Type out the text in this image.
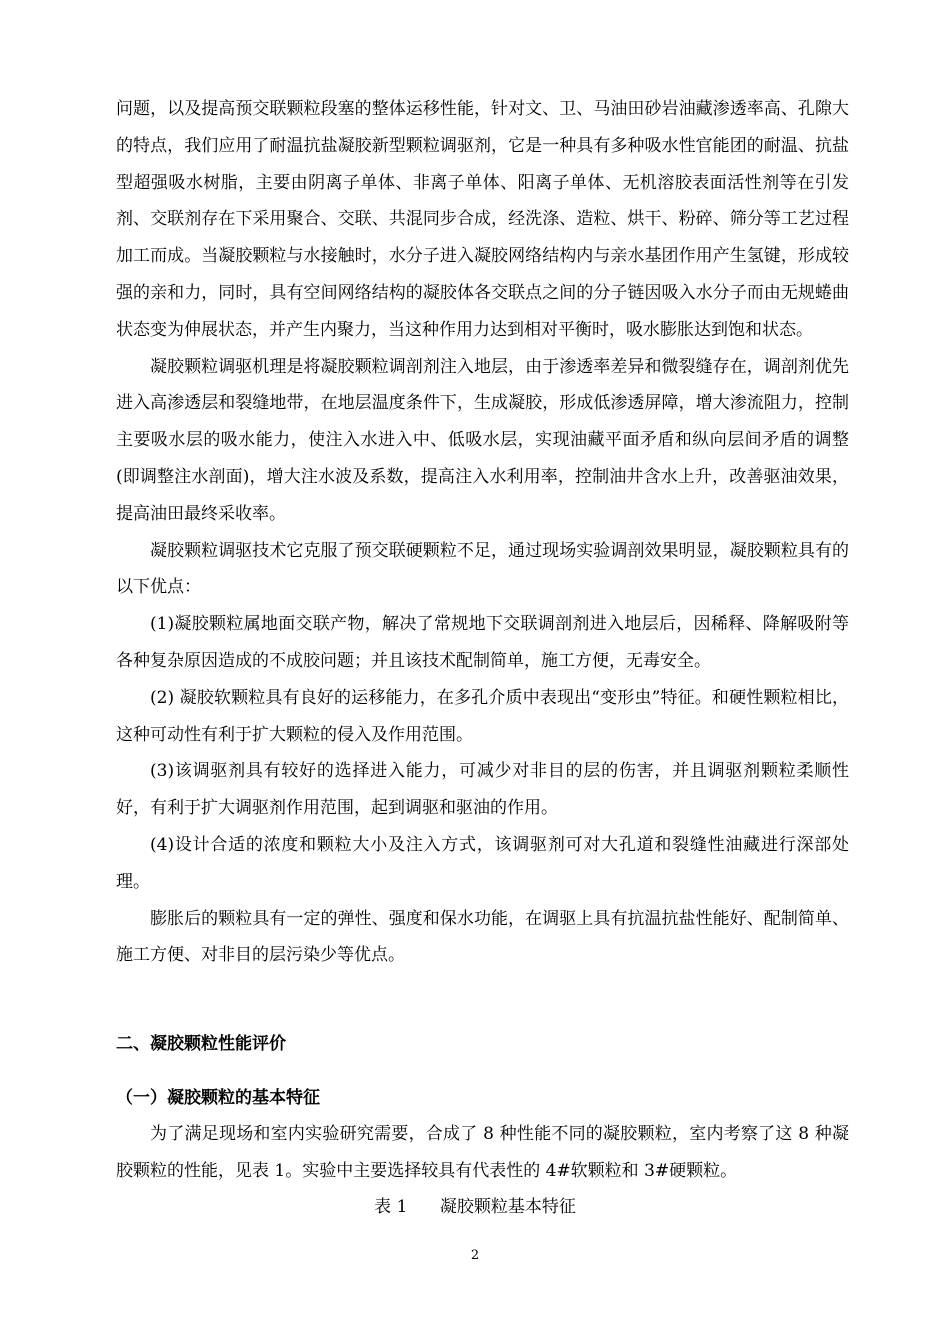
问题，以及提高预交联颗粒段塞的整体运移性能，针对文、卫、马油田砂岩油藏渗透率高、孔隙大的特点，我们应用了耐温抗盐凝胶新型颗粒调驱剂，它是一种具有多种吸水性官能团的耐温、抗盐型超强吸水树脂，主要由阴离子单体、非离子单体、阳离子单体、无机溶胶表面活性剂等在引发剂、交联剂存在下采用聚合、交联、共混同步合成，经洗涤、造粒、烘干、粉碎、筛分等工艺过程加工而成。当凝胶颗粒与水接触时，水分子进入凝胶网络结构内与亲水基团作用产生氢键，形成较强的亲和力，同时，具有空间网络结构的凝胶体各交联点之间的分子链因吸入水分子而由无规蜷曲状态变为伸展状态，并产生内聚力，当这种作用力达到相对平衡时，吸水膨胀达到饱和状态。

凝胶颗粒调驱机理是将凝胶颗粒调剖剂注入地层，由于渗透率差异和微裂缝存在，调剖剂优先进入高渗透层和裂缝地带，在地层温度条件下，生成凝胶，形成低渗透屏障，增大渗流阻力，控制主要吸水层的吸水能力，使注入水进入中、低吸水层，实现油藏平面矛盾和纵向层间矛盾的调整(即调整注水剖面)，增大注水波及系数，提高注入水利用率，控制油井含水上升，改善驱油效果，提高油田最终采收率。

凝胶颗粒调驱技术它克服了预交联硬颗粒不足，通过现场实验调剖效果明显，凝胶颗粒具有的以下优点：

(1)凝胶颗粒属地面交联产物，解决了常规地下交联调剖剂进入地层后，因稀释、降解吸附等各种复杂原因造成的不成胶问题；并且该技术配制简单，施工方便，无毒安全。

(2) 凝胶软颗粒具有良好的运移能力，在多孔介质中表现出“变形虫”特征。和硬性颗粒相比，这种可动性有利于扩大颗粒的侵入及作用范围。

(3)该调驱剂具有较好的选择进入能力，可减少对非目的层的伤害，并且调驱剂颗粒柔顺性好，有利于扩大调驱剂作用范围，起到调驱和驱油的作用。

(4)设计合适的浓度和颗粒大小及注入方式，该调驱剂可对大孔道和裂缝性油藏进行深部处理。

膨胀后的颗粒具有一定的弹性、强度和保水功能，在调驱上具有抗温抗盐性能好、配制简单、施工方便、对非目的层污染少等优点。

二、凝胶颗粒性能评价
（一）凝胶颗粒的基本特征

为了满足现场和室内实验研究需要，合成了 8 种性能不同的凝胶颗粒，室内考察了这 8 种凝胶颗粒的性能，见表 1。实验中主要选择较具有代表性的 4#软颗粒和 3#硬颗粒。

表 1      凝胶颗粒基本特征

2
